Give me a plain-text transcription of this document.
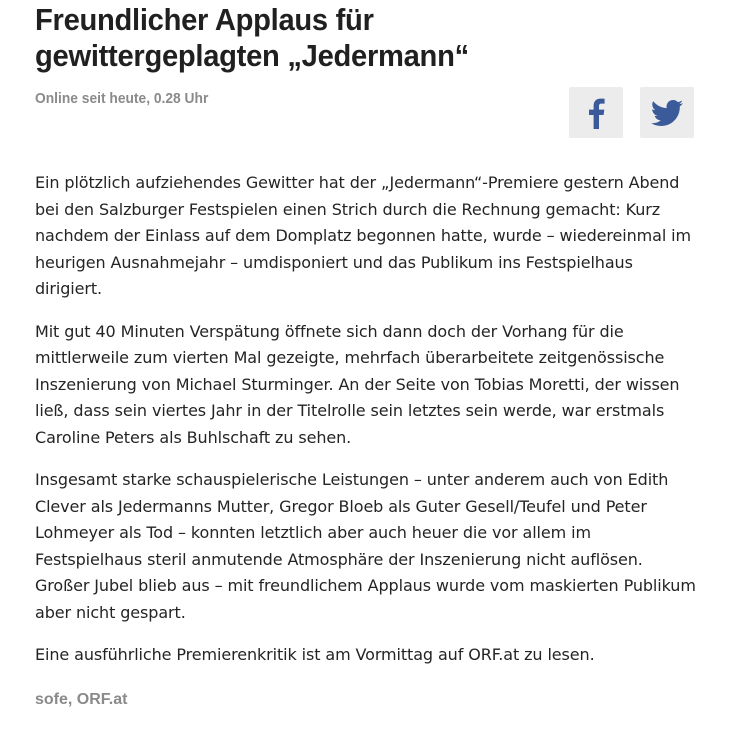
Freundlicher Applaus für
gewittergeplagten „Jedermann“
Online seit heute, 0.28 Uhr

Ein plötzlich aufziehendes Gewitter hat der „Jedermann“-Premiere gestern Abend bei den Salzburger Festspielen einen Strich durch die Rechnung gemacht: Kurz nachdem der Einlass auf dem Domplatz begonnen hatte, wurde – wiedereinmal im heurigen Ausnahmejahr – umdisponiert und das Publikum ins Festspielhaus dirigiert.

Mit gut 40 Minuten Verspätung öffnete sich dann doch der Vorhang für die mittlerweile zum vierten Mal gezeigte, mehrfach überarbeitete zeitgenössische Inszenierung von Michael Sturminger. An der Seite von Tobias Moretti, der wissen ließ, dass sein viertes Jahr in der Titelrolle sein letztes sein werde, war erstmals Caroline Peters als Buhlschaft zu sehen.

Insgesamt starke schauspielerische Leistungen – unter anderem auch von Edith Clever als Jedermanns Mutter, Gregor Bloeb als Guter Gesell/Teufel und Peter Lohmeyer als Tod – konnten letztlich aber auch heuer die vor allem im Festspielhaus steril anmutende Atmosphäre der Inszenierung nicht auflösen. Großer Jubel blieb aus – mit freundlichem Applaus wurde vom maskierten Publikum aber nicht gespart.

Eine ausführliche Premierenkritik ist am Vormittag auf ORF.at zu lesen.

sofe, ORF.at
